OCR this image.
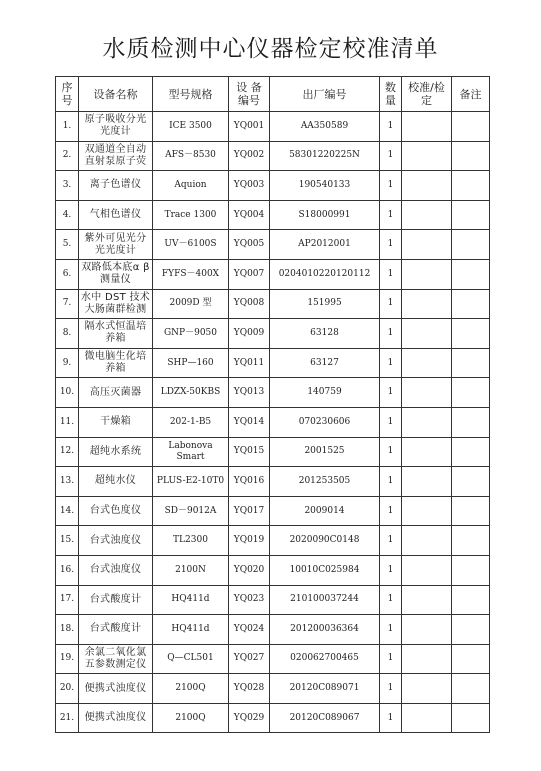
水质检测中心仪器检定校准清单
序号	设备名称	型号规格	设 备 编号	出厂编号	数量	校准/检定	备注
1.	原子吸收分光光度计	ICE 3500	YQ001	AA350589	1		
2.	双通道全自动直射泵原子荧	AFS－8530	YQ002	58301220225N	1		
3.	离子色谱仪	Aquion	YQ003	190540133	1		
4.	气相色谱仪	Trace 1300	YQ004	S18000991	1		
5.	紫外可见光分光光度计	UV－6100S	YQ005	AP2012001	1		
6.	双路低本底α β测量仪	FYFS－400X	YQ007	0204010220120112	1		
7.	水中 DST 技术大肠菌群检测	2009D 型	YQ008	151995	1		
8.	隔水式恒温培养箱	GNP－9050	YQ009	63128	1		
9.	微电脑生化培养箱	SHP—160	YQ011	63127	1		
10.	高压灭菌器	LDZX-50KBS	YQ013	140759	1		
11.	干燥箱	202-1-B5	YQ014	070230606	1		
12.	超纯水系统	Labonova Smart	YQ015	2001525	1		
13.	超纯水仪	PLUS-E2-10T0	YQ016	201253505	1		
14.	台式色度仪	SD－9012A	YQ017	2009014	1		
15.	台式浊度仪	TL2300	YQ019	2020090C0148	1		
16.	台式浊度仪	2100N	YQ020	10010C025984	1		
17.	台式酸度计	HQ411d	YQ023	210100037244	1		
18.	台式酸度计	HQ411d	YQ024	201200036364	1		
19.	余氯二氧化氯五参数测定仪	Q—CL501	YQ027	020062700465	1		
20.	便携式浊度仪	2100Q	YQ028	20120C089071	1		
21.	便携式浊度仪	2100Q	YQ029	20120C089067	1		
